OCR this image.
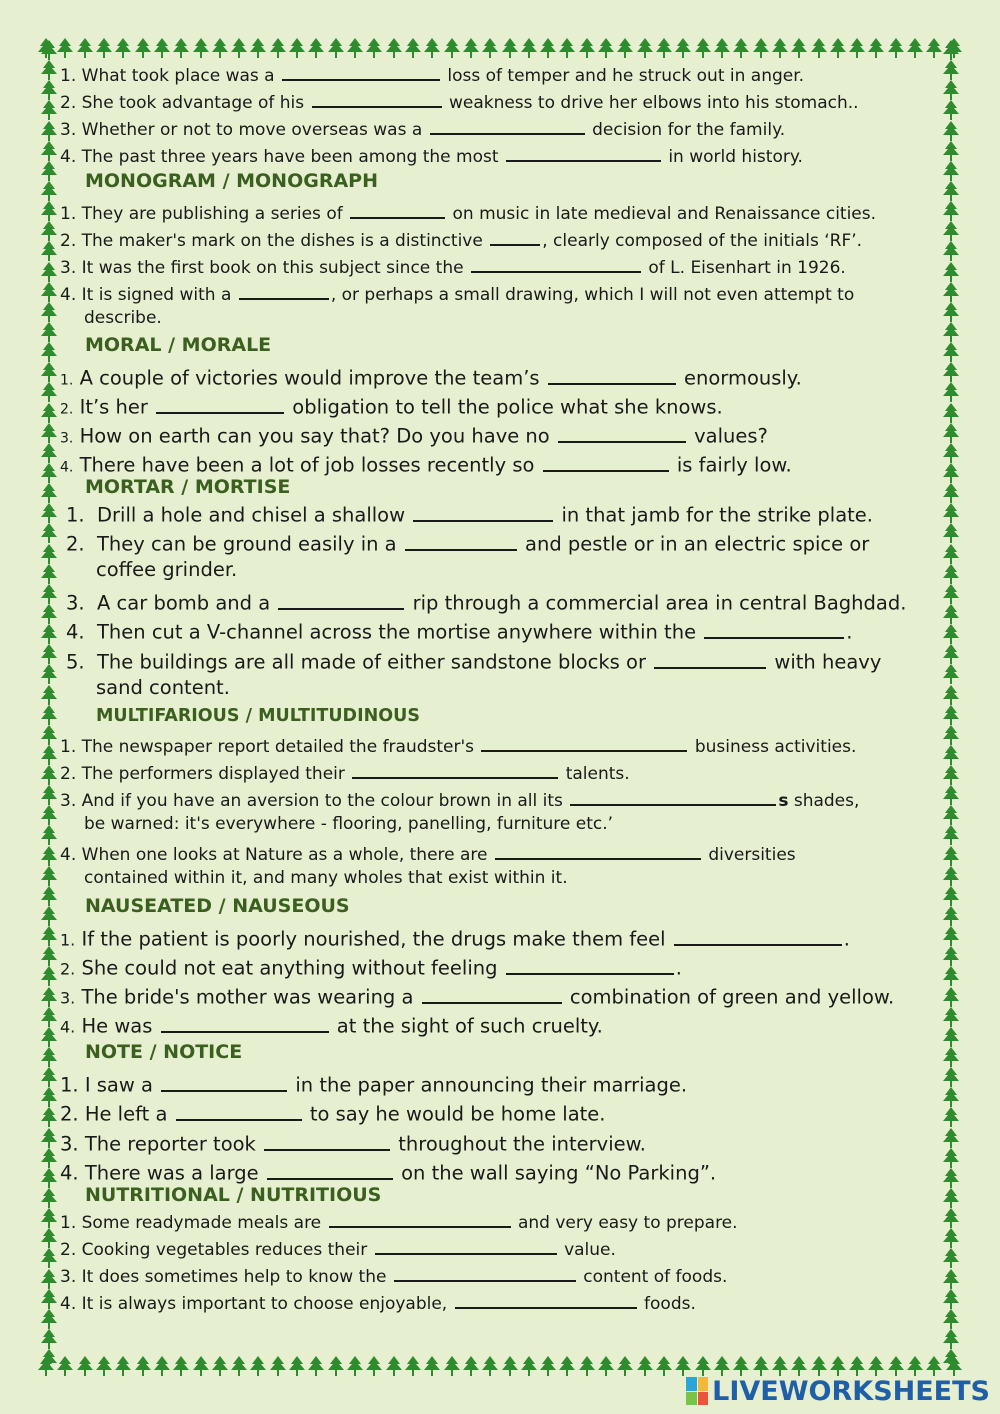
1. What took place was a	loss of temper and he struck out in anger.
2. She took advantage of his	weakness to drive her elbows into his stomach..
3. Whether or not to move overseas was a	decision for the family.
4. The past three years have been among the most	in world history.
MONOGRAM / MONOGRAPH
1. They are publishing a series of	on music in late medieval and Renaissance cities.
2. The maker's mark on the dishes is a distinctive	, clearly composed of the initials ‘RF’.
3. It was the first book on this subject since the	of L. Eisenhart in 1926.
4. It is signed with a	, or perhaps a small drawing, which I will not even attempt to
describe.
MORAL / MORALE
1. A couple of victories would improve the team’s	enormously.
2. It’s her	obligation to tell the police what she knows.
3. How on earth can you say that? Do you have no	values?
4. There have been a lot of job losses recently so	is fairly low.
MORTAR / MORTISE
1. Drill a hole and chisel a shallow	in that jamb for the strike plate.
2. They can be ground easily in a	and pestle or in an electric spice or
coffee grinder.
3. A car bomb and a	rip through a commercial area in central Baghdad.
4. Then cut a V-channel across the mortise anywhere within the	.
5. The buildings are all made of either sandstone blocks or	with heavy
sand content.
MULTIFARIOUS / MULTITUDINOUS
1. The newspaper report detailed the fraudster's	business activities.
2. The performers displayed their	talents.
3. And if you have an aversion to the colour brown in all its	s shades,
be warned: it's everywhere - flooring, panelling, furniture etc.’
4. When one looks at Nature as a whole, there are	diversities
contained within it, and many wholes that exist within it.
NAUSEATED / NAUSEOUS
1. If the patient is poorly nourished, the drugs make them feel	.
2. She could not eat anything without feeling	.
3. The bride's mother was wearing a	combination of green and yellow.
4. He was	at the sight of such cruelty.
NOTE / NOTICE
1. I saw a	in the paper announcing their marriage.
2. He left a	to say he would be home late.
3. The reporter took	throughout the interview.
4. There was a large	on the wall saying “No Parking”.
NUTRITIONAL / NUTRITIOUS
1. Some readymade meals are	and very easy to prepare.
2. Cooking vegetables reduces their	value.
3. It does sometimes help to know the	content of foods.
4. It is always important to choose enjoyable,	foods.
LIVEWORKSHEETS
